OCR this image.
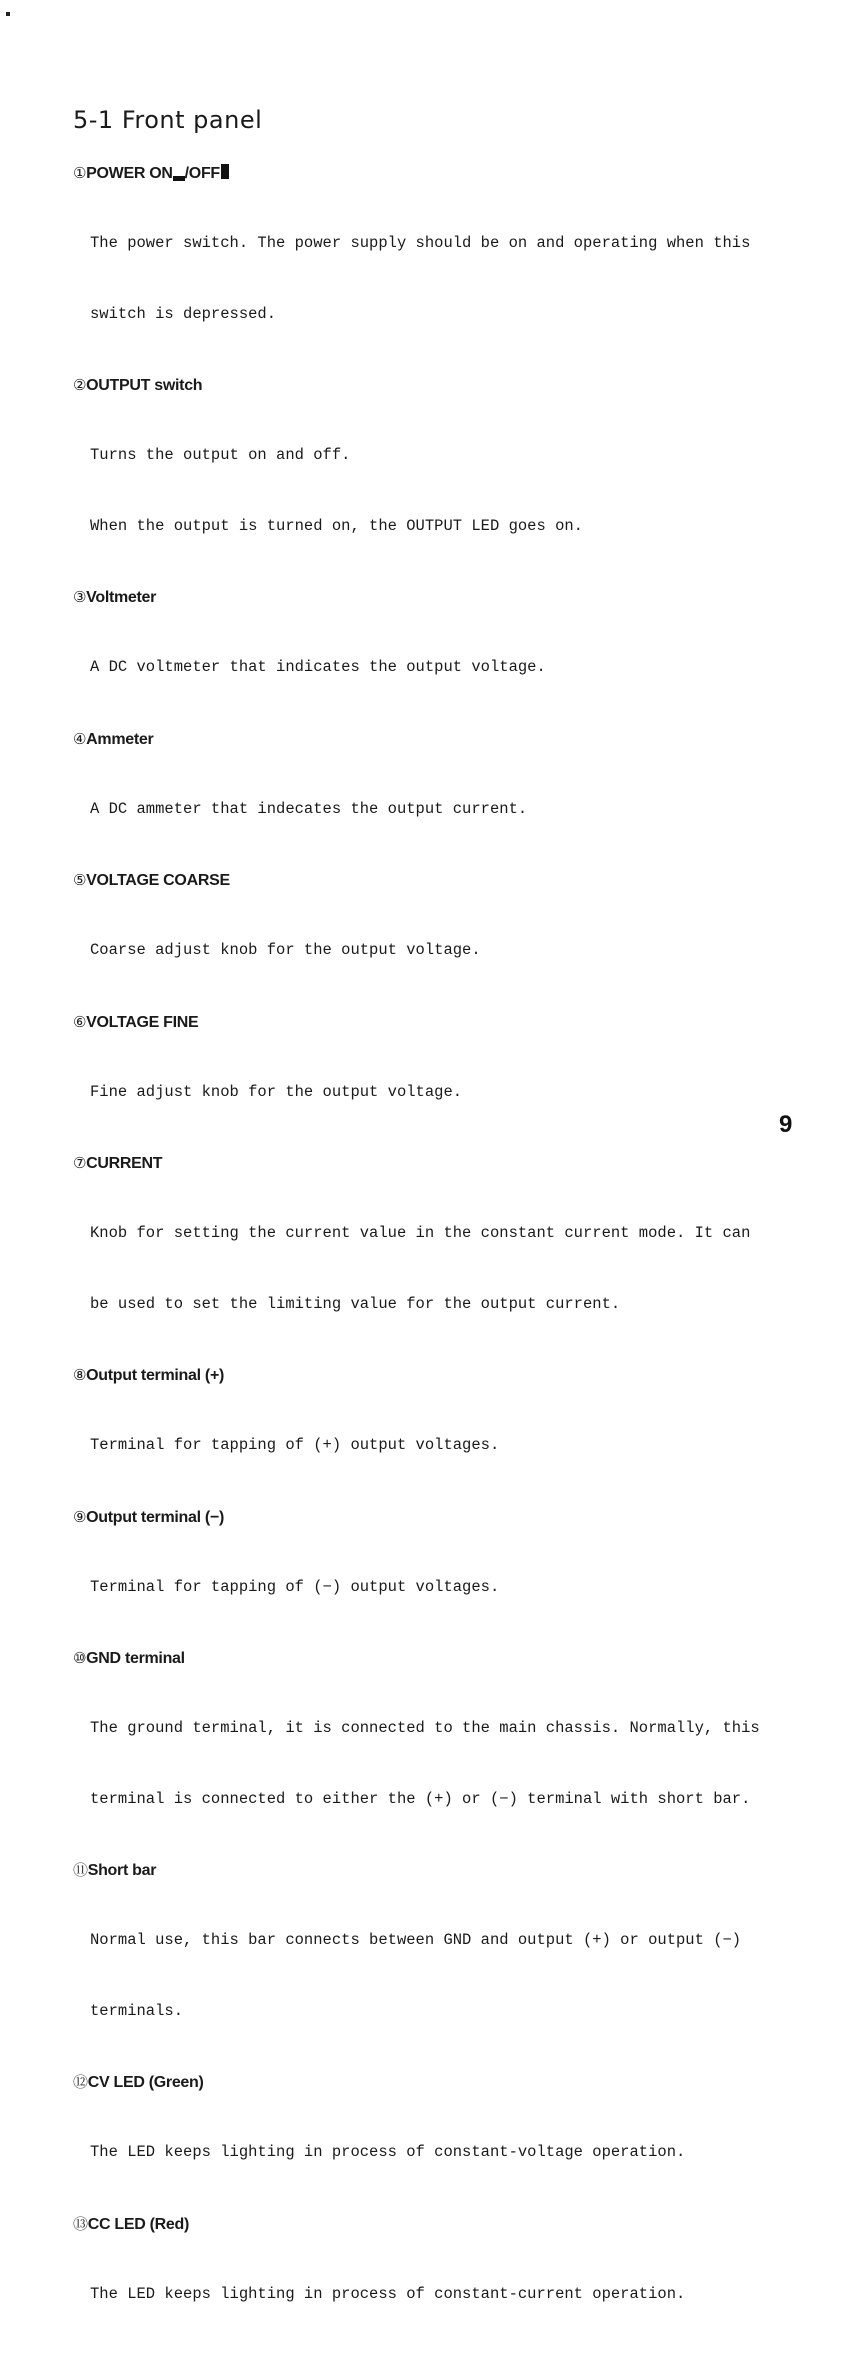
5-1 Front panel
①POWER ON /OFF

The power switch. The power supply should be on and operating when this

switch is depressed.

②OUTPUT switch

Turns the output on and off.

When the output is turned on, the OUTPUT LED goes on.

③Voltmeter

A DC voltmeter that indicates the output voltage.

④Ammeter

A DC ammeter that indecates the output current.

⑤VOLTAGE COARSE

Coarse adjust knob for the output voltage.

⑥VOLTAGE FINE

Fine adjust knob for the output voltage.

⑦CURRENT

Knob for setting the current value in the constant current mode. It can

be used to set the limiting value for the output current.

⑧Output terminal (+)

Terminal for tapping of (+) output voltages.

⑨Output terminal (−)

Terminal for tapping of (−) output voltages.

⑩GND terminal

The ground terminal, it is connected to the main chassis. Normally, this

terminal is connected to either the (+) or (−) terminal with short bar.

⑪Short bar

Normal use, this bar connects between GND and output (+) or output (−)

terminals.

⑫CV LED (Green)

The LED keeps lighting in process of constant-voltage operation.

⑬CC LED (Red)

The LED keeps lighting in process of constant-current operation.

9
